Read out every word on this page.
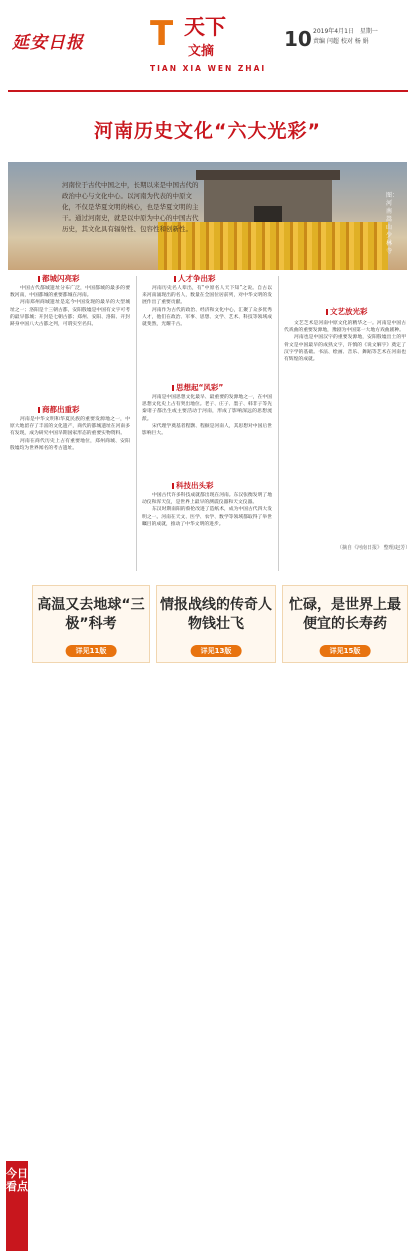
延安日报 T 天下
文摘
TIAN XIA WEN ZHAI
10 2019年4月1日　星期一
责编 闫超 校对 杨 娟
河南历史文化“六大光彩”
河南位于古代中国之中，长期以来是中国古代的政治中心与文化中心。以河南为代表的中原文化，不仅是华夏文明的核心，也是华夏文明的主干。通过河南史，就是以中原为中心的中国古代历史，其文化具有辐射性、包容性和创新性。
图：河南嵩山少林寺
都城闪亮彩

中国古代都城遗址分布广泛，中国都城的最多的要数河南，中国都城的重要都城在河南。

河南郑州商城遗址是迄今中国发现的最早的大型城址之一；洛阳是十三朝古都，安阳殷墟是中国有文字可考的最早都城；开封是七朝古都；郑州、安阳、洛阳、开封跻身中国八大古都之列，可谓实至名归。

商都出重彩

河南是中华文明和华夏民族的重要发源地之一，中原大地留存了丰富的文化遗产，商代的都城遗址在河南多有发现，成为研究中国早期国家形态的重要实物资料。

河南在商代历史上占有重要地位，郑州商城、安阳殷墟均为世界闻名的考古遗址。

人才争出彩

河南历史名人辈出，有“中原名人天下知”之说。自古以来河南涌现出的名人，数量在全国位居前列，对中华文明的发展作出了重要贡献。

河南作为古代的政治、经济和文化中心，汇聚了众多优秀人才，他们在政治、军事、思想、文学、艺术、科技等领域成就斐然，光耀千古。

思想起“风彩”

河南是中国思想文化最早、最重要的发源地之一，在中国思想文化史上占有突出地位。老子、庄子、墨子、韩非子等先秦诸子都出生或主要活动于河南，形成了影响深远的思想流派。

宋代理学奠基者程颢、程颐是河南人，其思想对中国后世影响巨大。

科技出头彩

中国古代许多科技成就都出现在河南。东汉张衡发明了地动仪和浑天仪，是世界上最早的测震仪器和天文仪器。

东汉时期南阳的蔡伦改进了造纸术，成为中国古代四大发明之一。河南在天文、医学、农学、数学等领域都取得了举世瞩目的成就，推动了中华文明的进步。

文艺放光彩

文艺芝术是河南中原文化的精华之一。河南是中国古代戏曲的重要发源地，豫剧为中国第一大地方戏曲剧种。

河南也是中国汉字的重要发源地，安阳殷墟出土的甲骨文是中国最早的成熟文字，许慎的《说文解字》奠定了汉字学的基础。书法、绘画、音乐、舞蹈等艺术在河南也有辉煌的成就。

（摘自《河南日报》 整理/赵芳）
今日看点
高温又去地球“三极”科考
详见11版
情报战线的传奇人物钱壮飞
详见13版
忙碌，是世界上最便宜的长寿药
详见15版
